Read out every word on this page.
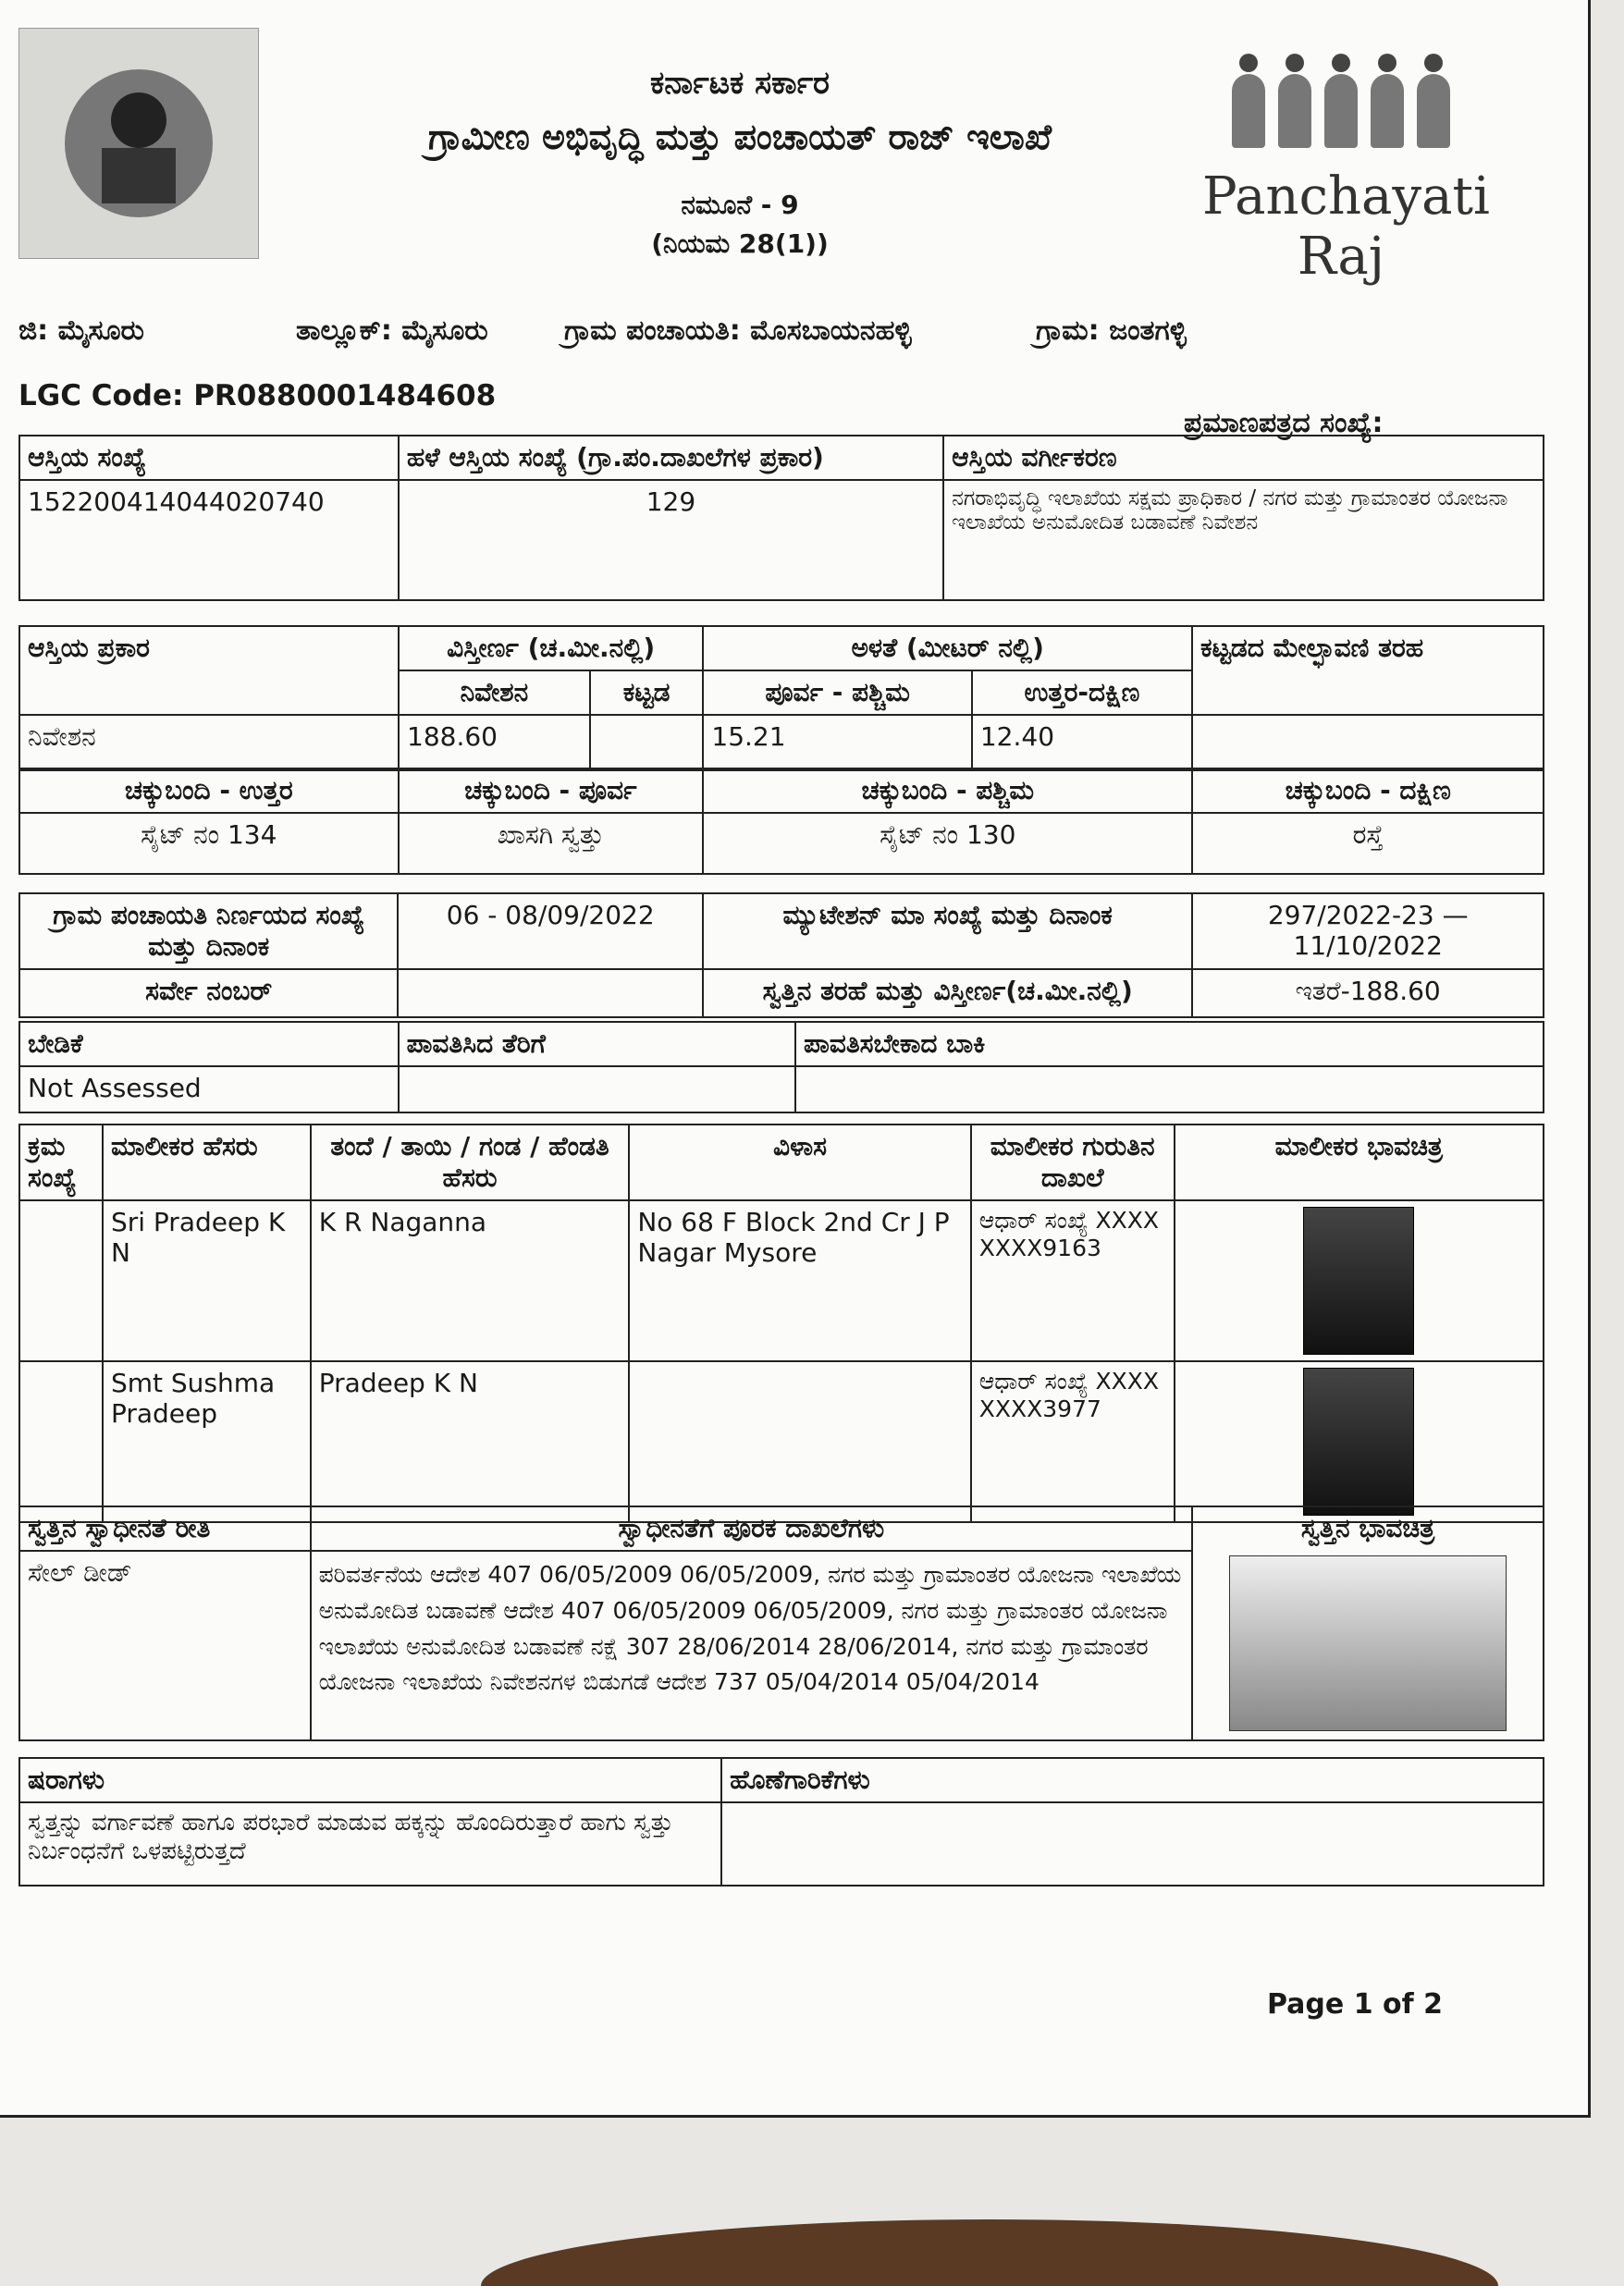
ಕರ್ನಾಟಕ ಸರ್ಕಾರ
ಗ್ರಾಮೀಣ ಅಭಿವೃದ್ಧಿ ಮತ್ತು ಪಂಚಾಯತ್ ರಾಜ್ ಇಲಾಖೆ
ನಮೂನೆ - 9
(ನಿಯಮ 28(1))
Panchayati Raj
ಜಿ: ಮೈಸೂರು	ತಾಲ್ಲೂಕ್: ಮೈಸೂರು	ಗ್ರಾಮ ಪಂಚಾಯತಿ: ಮೊಸಬಾಯನಹಳ್ಳಿ	ಗ್ರಾಮ: ಜಂತಗಳ್ಳಿ
LGC Code: PR0880001484608
ಪ್ರಮಾಣಪತ್ರದ ಸಂಖ್ಯೆ:
ಆಸ್ತಿಯ ಸಂಖ್ಯೆ	ಹಳೆ ಆಸ್ತಿಯ ಸಂಖ್ಯೆ (ಗ್ರಾ.ಪಂ.ದಾಖಲೆಗಳ ಪ್ರಕಾರ)	ಆಸ್ತಿಯ ವರ್ಗೀಕರಣ
152200414044020740	129	ನಗರಾಭಿವೃದ್ಧಿ ಇಲಾಖೆಯ ಸಕ್ಷಮ ಪ್ರಾಧಿಕಾರ / ನಗರ ಮತ್ತು ಗ್ರಾಮಾಂತರ ಯೋಜನಾ ಇಲಾಖೆಯ ಅನುಮೋದಿತ ಬಡಾವಣೆ ನಿವೇಶನ
ಆಸ್ತಿಯ ಪ್ರಕಾರ	ವಿಸ್ತೀರ್ಣ (ಚ.ಮೀ.ನಲ್ಲಿ)		ಅಳತೆ (ಮೀಟರ್ ನಲ್ಲಿ)		ಕಟ್ಟಡದ ಮೇಲ್ಛಾವಣಿ ತರಹ
	ನಿವೇಶನ	ಕಟ್ಟಡ	ಪೂರ್ವ - ಪಶ್ಚಿಮ	ಉತ್ತರ-ದಕ್ಷಿಣ	
ನಿವೇಶನ	188.60		15.21	12.40	
ಚಕ್ಕುಬಂದಿ - ಉತ್ತರ	ಚಕ್ಕುಬಂದಿ - ಪೂರ್ವ	ಚಕ್ಕುಬಂದಿ - ಪಶ್ಚಿಮ	ಚಕ್ಕುಬಂದಿ - ದಕ್ಷಿಣ
ಸೈಟ್ ನಂ 134	ಖಾಸಗಿ ಸ್ವತ್ತು	ಸೈಟ್ ನಂ 130	ರಸ್ತೆ
ಗ್ರಾಮ ಪಂಚಾಯತಿ ನಿರ್ಣಯದ ಸಂಖ್ಯೆ ಮತ್ತು ದಿನಾಂಕ	06 - 08/09/2022	ಮ್ಯುಟೇಶನ್ ಮಾ ಸಂಖ್ಯೆ ಮತ್ತು ದಿನಾಂಕ	297/2022-23 — 11/10/2022
ಸರ್ವೇ ನಂಬರ್		ಸ್ವತ್ತಿನ ತರಹೆ ಮತ್ತು ವಿಸ್ತೀರ್ಣ(ಚ.ಮೀ.ನಲ್ಲಿ)	ಇತರೆ-188.60
ಬೇಡಿಕೆ	ಪಾವತಿಸಿದ ತೆರಿಗೆ	ಪಾವತಿಸಬೇಕಾದ ಬಾಕಿ
Not Assessed		
ಕ್ರಮ ಸಂಖ್ಯೆ	ಮಾಲೀಕರ ಹೆಸರು	ತಂದೆ / ತಾಯಿ / ಗಂಡ / ಹೆಂಡತಿ ಹೆಸರು	ವಿಳಾಸ	ಮಾಲೀಕರ ಗುರುತಿನ ದಾಖಲೆ	ಮಾಲೀಕರ ಭಾವಚಿತ್ರ
	Sri Pradeep K N	K R Naganna	No 68 F Block 2nd Cr J P Nagar Mysore	ಆಧಾರ್ ಸಂಖ್ಯೆ XXXXXXXX9163	

	Smt Sushma Pradeep	Pradeep K N		ಆಧಾರ್ ಸಂಖ್ಯೆ XXXXXXXX3977	
ಸ್ವತ್ತಿನ ಸ್ವಾಧೀನತೆ ರೀತಿ	ಸ್ವಾಧೀನತೆಗೆ ಪೂರಕ ದಾಖಲೆಗಳು	ಸ್ವತ್ತಿನ ಭಾವಚಿತ್ರ

ಸೇಲ್ ಡೀಡ್	ಪರಿವರ್ತನೆಯ ಆದೇಶ 407 06/05/2009 06/05/2009, ನಗರ ಮತ್ತು ಗ್ರಾಮಾಂತರ ಯೋಜನಾ ಇಲಾಖೆಯ ಅನುಮೋದಿತ ಬಡಾವಣೆ ಆದೇಶ 407 06/05/2009 06/05/2009, ನಗರ ಮತ್ತು ಗ್ರಾಮಾಂತರ ಯೋಜನಾ ಇಲಾಖೆಯ ಅನುಮೋದಿತ ಬಡಾವಣೆ ನಕ್ಷೆ 307 28/06/2014 28/06/2014, ನಗರ ಮತ್ತು ಗ್ರಾಮಾಂತರ ಯೋಜನಾ ಇಲಾಖೆಯ ನಿವೇಶನಗಳ ಬಿಡುಗಡೆ ಆದೇಶ 737 05/04/2014 05/04/2014	
ಷರಾಗಳು	ಹೊಣೆಗಾರಿಕೆಗಳು
ಸ್ವತ್ತನ್ನು ವರ್ಗಾವಣೆ ಹಾಗೂ ಪರಭಾರೆ ಮಾಡುವ ಹಕ್ಕನ್ನು ಹೊಂದಿರುತ್ತಾರೆ ಹಾಗು ಸ್ವತ್ತು ನಿರ್ಬಂಧನೆಗೆ ಒಳಪಟ್ಟಿರುತ್ತದೆ	
Page 1 of 2
